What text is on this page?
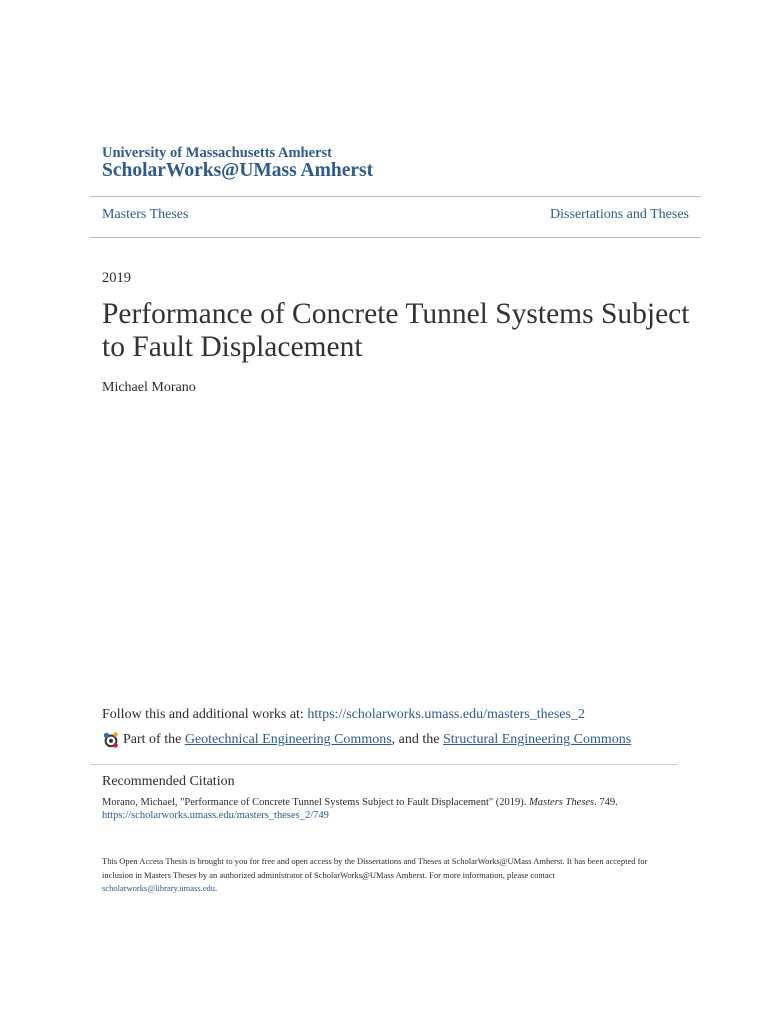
University of Massachusetts Amherst
ScholarWorks@UMass Amherst
Masters Theses	Dissertations and Theses
2019
Performance of Concrete Tunnel Systems Subject
to Fault Displacement
Michael Morano
Follow this and additional works at: https://scholarworks.umass.edu/masters_theses_2
Part of the
Geotechnical Engineering Commons , and the Structural Engineering Commons
Recommended Citation
Morano, Michael, "Performance of Concrete Tunnel Systems Subject to Fault Displacement" (2019). Masters Theses. 749.
https://scholarworks.umass.edu/masters_theses_2/749
This Open Access Thesis is brought to you for free and open access by the Dissertations and Theses at ScholarWorks@UMass Amherst. It has been accepted for inclusion in Masters Theses by an authorized administrator of ScholarWorks@UMass Amherst. For more information, please contact scholarworks@library.umass.edu.
